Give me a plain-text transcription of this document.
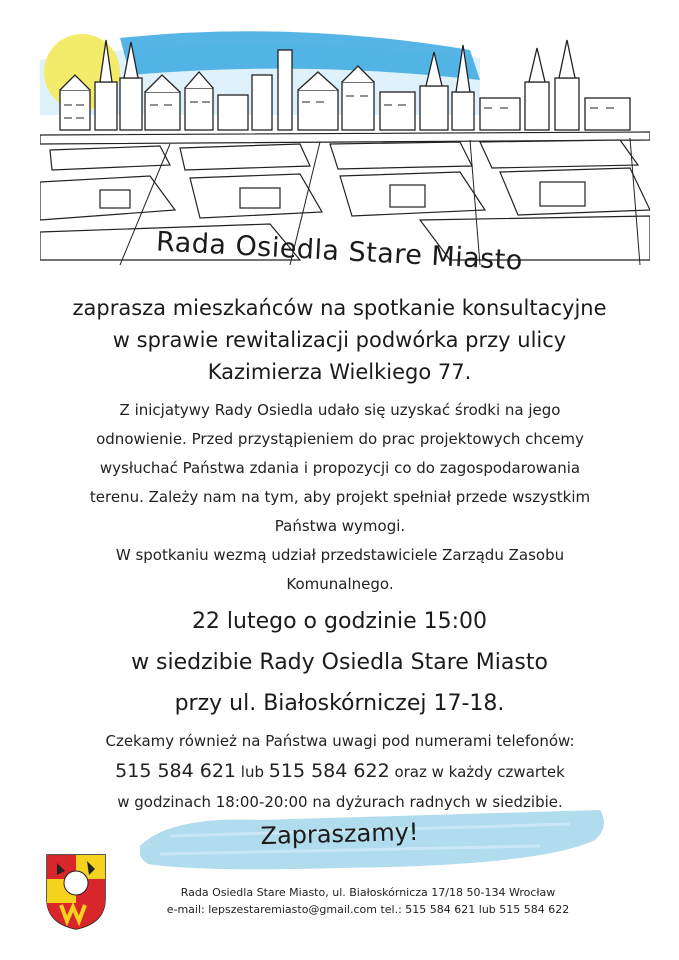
Rada Osiedla Stare Miasto
zaprasza mieszkańców na spotkanie konsultacyjne
w sprawie rewitalizacji podwórka przy ulicy
Kazimierza Wielkiego 77.
Z inicjatywy Rady Osiedla udało się uzyskać środki na jego
odnowienie. Przed przystąpieniem do prac projektowych chcemy
wysłuchać Państwa zdania i propozycji co do zagospodarowania
terenu. Zależy nam na tym, aby projekt spełniał przede wszystkim
Państwa wymogi.
W spotkaniu wezmą udział przedstawiciele Zarządu Zasobu
Komunalnego.
22 lutego o godzinie 15:00
w siedzibie Rady Osiedla Stare Miasto
przy ul. Białoskórniczej 17-18.
Czekamy również na Państwa uwagi pod numerami telefonów:
515 584 621 lub 515 584 622 oraz w każdy czwartek
w godzinach 18:00-20:00 na dyżurach radnych w siedzibie.
Zapraszamy!
Rada Osiedla Stare Miasto, ul. Białoskórnicza 17/18 50-134 Wrocław
e-mail: lepszestaremiasto@gmail.com tel.: 515 584 621 lub 515 584 622
